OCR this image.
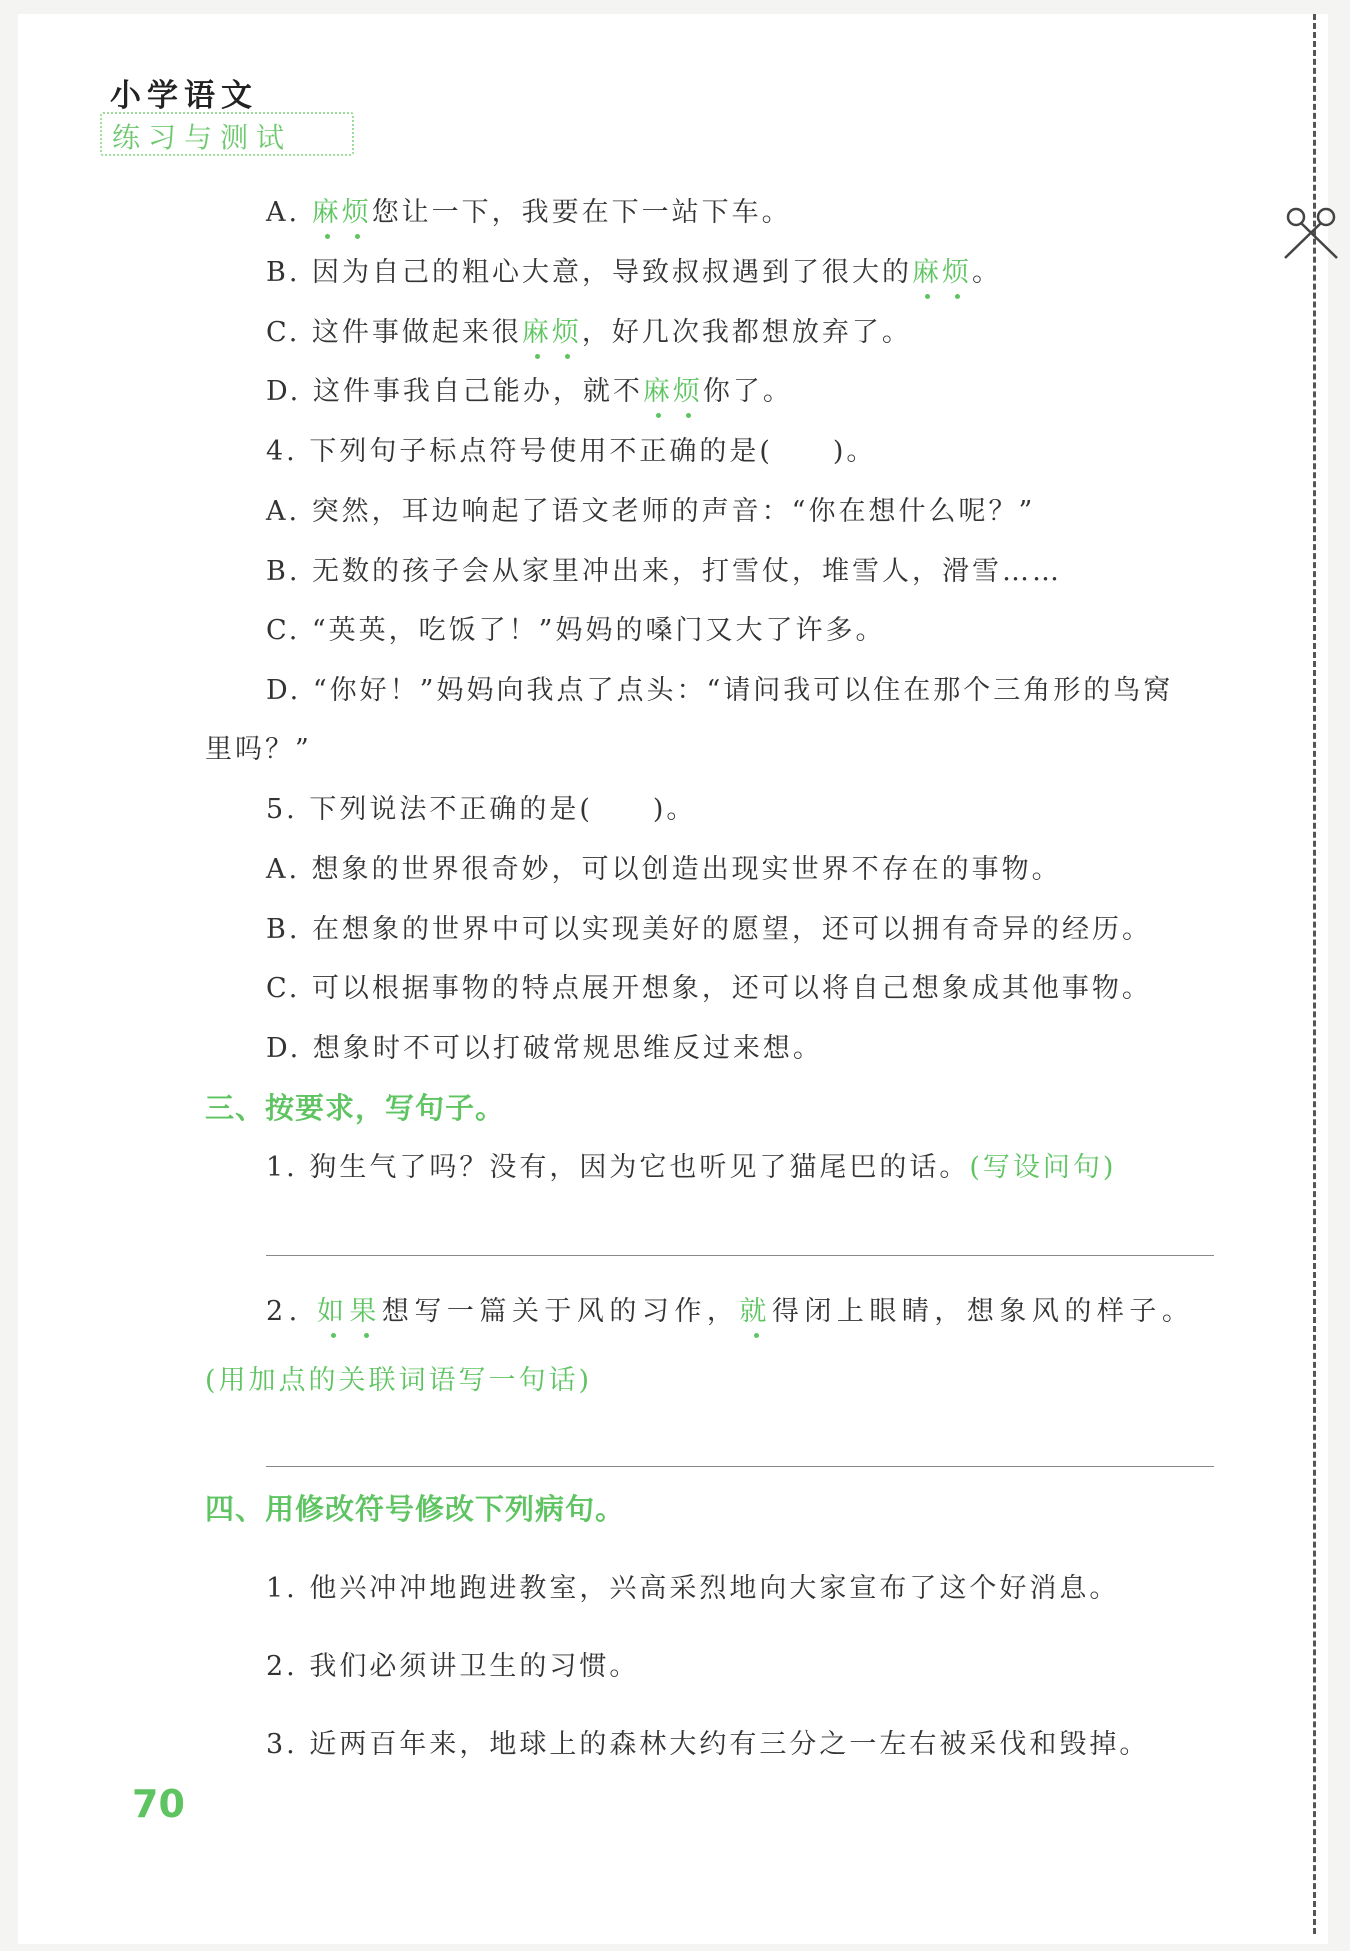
小学语文
练习与测试
A. 麻烦您让一下，我要在下一站下车。
B. 因为自己的粗心大意，导致叔叔遇到了很大的麻烦。
C. 这件事做起来很麻烦，好几次我都想放弃了。
D. 这件事我自己能办，就不麻烦你了。
4. 下列句子标点符号使用不正确的是(　　)。
A. 突然，耳边响起了语文老师的声音：“你在想什么呢？”
B. 无数的孩子会从家里冲出来，打雪仗，堆雪人，滑雪……
C. “英英，吃饭了！”妈妈的嗓门又大了许多。
D. “你好！”妈妈向我点了点头：“请问我可以住在那个三角形的鸟窝
里吗？”
5. 下列说法不正确的是(　　)。
A. 想象的世界很奇妙，可以创造出现实世界不存在的事物。
B. 在想象的世界中可以实现美好的愿望，还可以拥有奇异的经历。
C. 可以根据事物的特点展开想象，还可以将自己想象成其他事物。
D. 想象时不可以打破常规思维反过来想。
三、按要求，写句子。
1. 狗生气了吗？没有，因为它也听见了猫尾巴的话。(写设问句)
2. 如果想写一篇关于风的习作，就得闭上眼睛，想象风的样子。
(用加点的关联词语写一句话)
四、用修改符号修改下列病句。
1. 他兴冲冲地跑进教室，兴高采烈地向大家宣布了这个好消息。
2. 我们必须讲卫生的习惯。
3. 近两百年来，地球上的森林大约有三分之一左右被采伐和毁掉。
70
